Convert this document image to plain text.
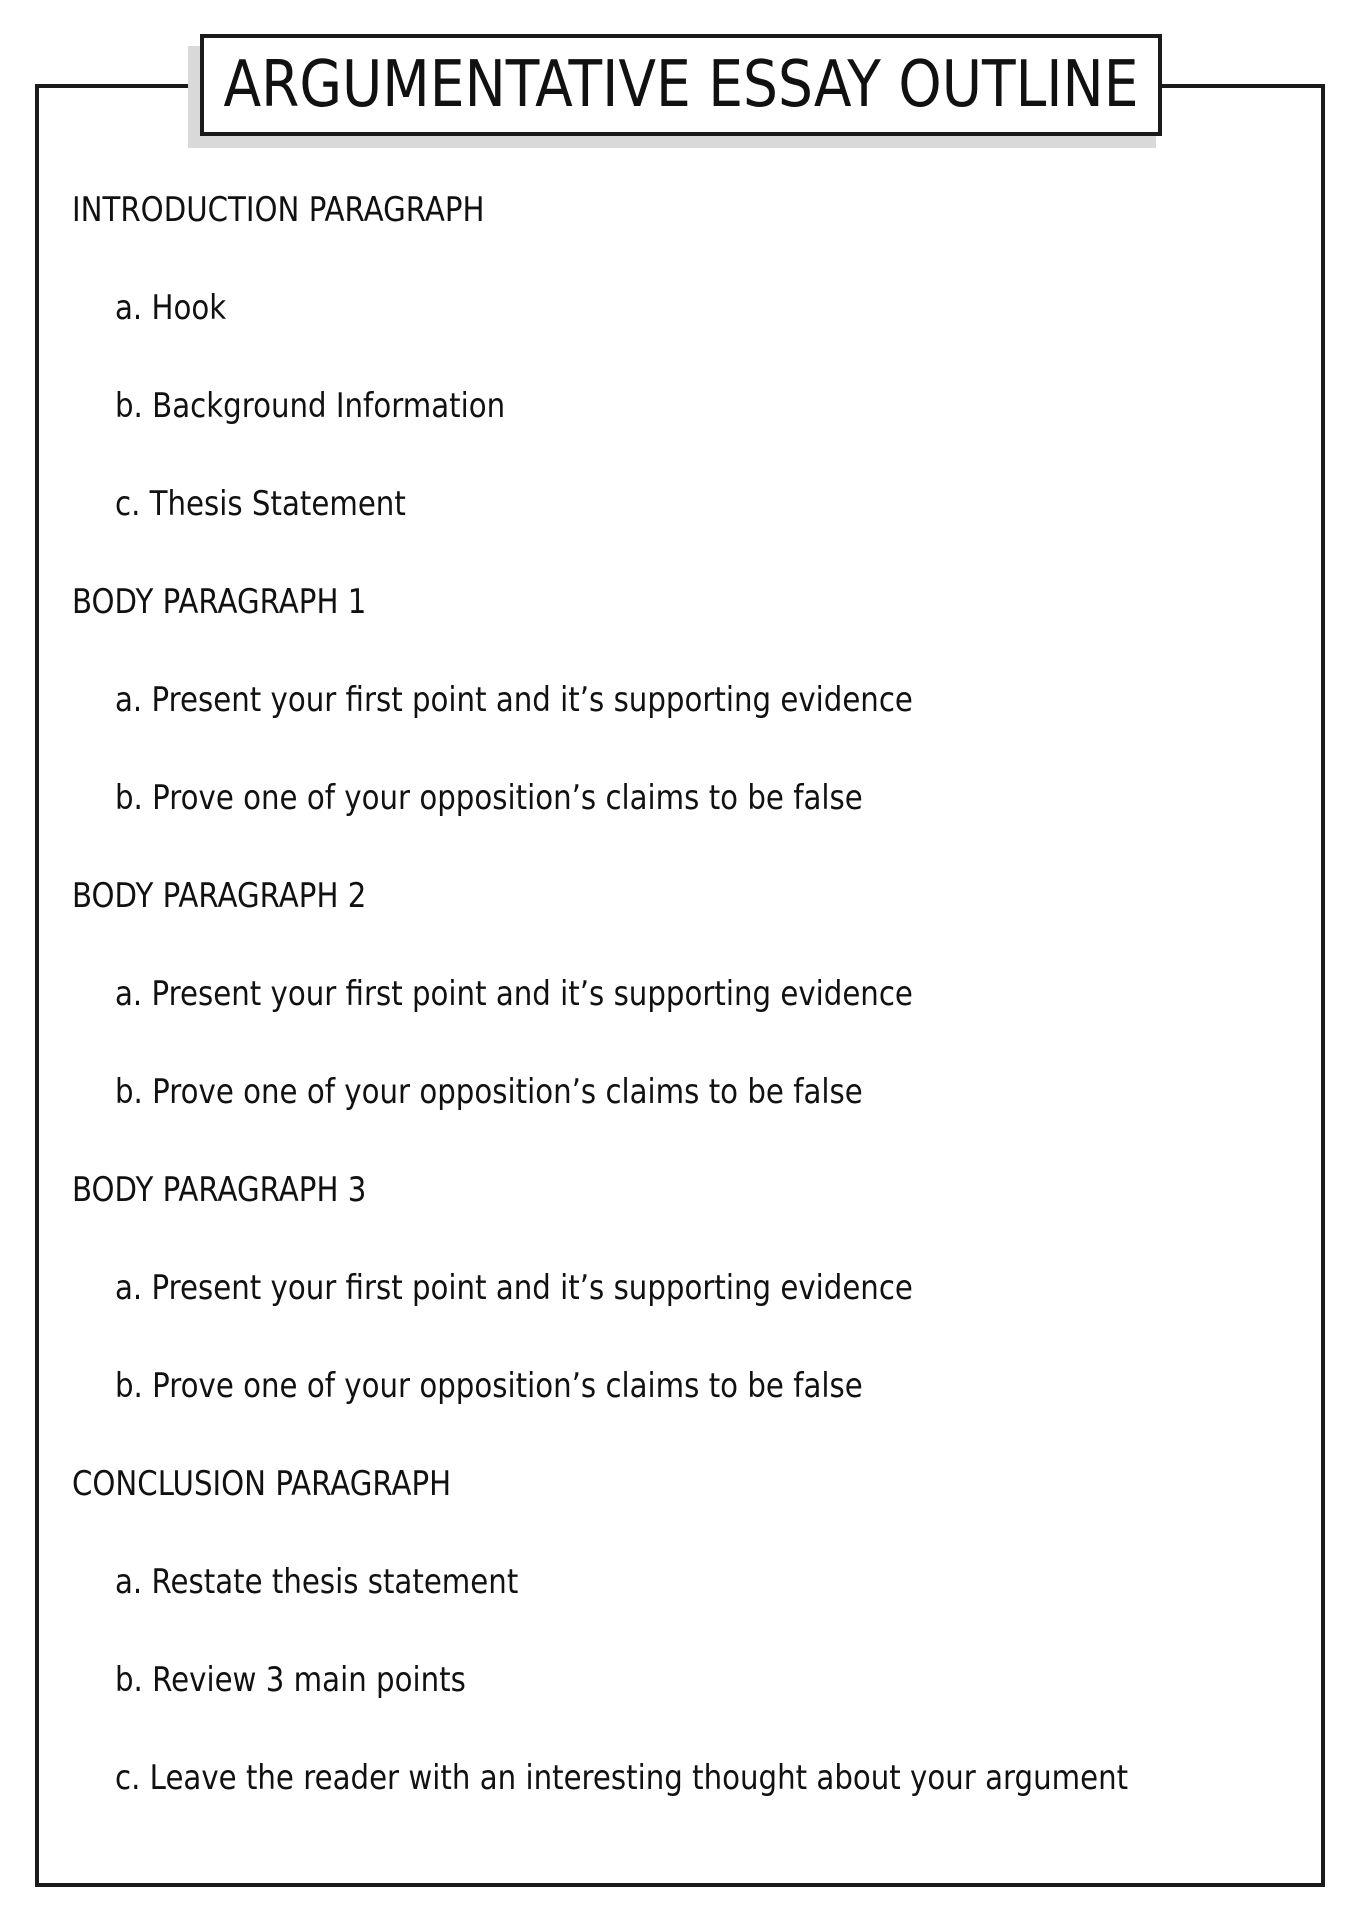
ARGUMENTATIVE ESSAY OUTLINE
INTRODUCTION PARAGRAPH
a. Hook
b. Background Information
c. Thesis Statement
BODY PARAGRAPH 1
a. Present your first point and it’s supporting evidence
b. Prove one of your opposition’s claims to be false
BODY PARAGRAPH 2
a. Present your first point and it’s supporting evidence
b. Prove one of your opposition’s claims to be false
BODY PARAGRAPH 3
a. Present your first point and it’s supporting evidence
b. Prove one of your opposition’s claims to be false
CONCLUSION PARAGRAPH
a. Restate thesis statement
b. Review 3 main points
c. Leave the reader with an interesting thought about your argument
